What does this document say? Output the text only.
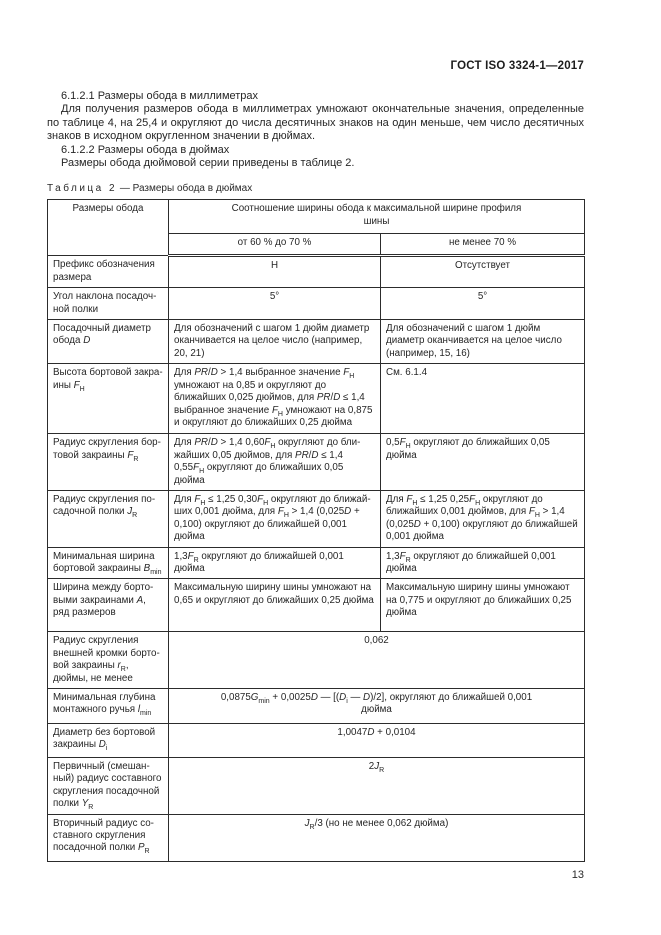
ГОСТ ISO 3324-1—2017

6.1.2.1 Размеры обода в миллиметрах

Для получения размеров обода в миллиметрах умножают окончательные значения, определенные по таблице 4, на 25,4 и округляют до числа десятичных знаков на один меньше, чем число десятичных знаков в исходном округленном значении в дюймах.

6.1.2.2 Размеры обода в дюймах

Размеры обода дюймовой серии приведены в таблице 2.

Таблица 2 — Размеры обода в дюймах
Размеры обода	Соотношение ширины обода к максимальной ширине профиля шины	

	от 60 % до 70 %	не менее 70 %
Префикс обозначения размера	Н	Отсутствует
Угол наклона посадочной полки	5°	5°
Посадочный диаметр обода D	Для обозначений с шагом 1 дюйм диаметр оканчивается на целое число (например, 20, 21)	Для обозначений с шагом 1 дюйм диаметр оканчивается на целое число (например, 15, 16)
Высота бортовой закраины $F_Н$	Для PR/D > 1,4 выбранное значение $F_Н$ умножают на 0,85 и округляют до ближайших 0,025 дюймов, для PR/D ≤ 1,4 выбранное значение $F_Н$ умножают на 0,875 и округляют до ближайших 0,25 дюйма	См. 6.1.4
Радиус скругления бортовой закраины $F_R$	Для PR/D > 1,4 $0,60F_Н$ округляют до ближайших 0,05 дюймов, для PR/D ≤ 1,4 $0,55F_Н$ округляют до ближайших 0,05 дюйма	$0,5F_Н$ округляют до ближайших 0,05 дюйма
Радиус скругления посадочной полки $J_R$	Для $F_Н \le 1,25$ $0,30F_Н$ округляют до ближайших 0,001 дюйма, для $F_Н > 1,4$ (0,025D + 0,100) округляют до ближайшей 0,001 дюйма	Для $F_Н \le 1,25$ $0,25F_Н$ округляют до ближайших 0,001 дюймов, для $F_Н > 1,4$ (0,025D + 0,100) округляют до ближайшей 0,001 дюйма
Минимальная ширина бортовой закраины $B_{min}$	$1,3F_R$ округляют до ближайшей 0,001 дюйма	$1,3F_R$ округляют до ближайшей 0,001 дюйма
Ширина между бортовыми закраинами A, ряд размеров	Максимальную ширину шины умножают на 0,65 и округляют до ближайших 0,25 дюйма	Максимальную ширину шины умножают на 0,775 и округляют до ближайших 0,25 дюйма
Радиус скругления внешней кромки бортовой закраины $r_R$, дюймы, не менее	0,062	
Минимальная глубина монтажного ручья $l_{min}$	$0,0875G_{min} + 0,0025D$ — [($D_i$ — D)/2], округляют до ближайшей 0,001 дюйма	

Диаметр без бортовой закраины $D_i$	1,0047D + 0,0104	
Первичный (смешанный) радиус составного скругления посадочной полки $Y_R$	$2J_R$
Вторичный радиус составного скругления посадочной полки $P_R$	$J_R/3$ (но не менее 0,062 дюйма)	
13
